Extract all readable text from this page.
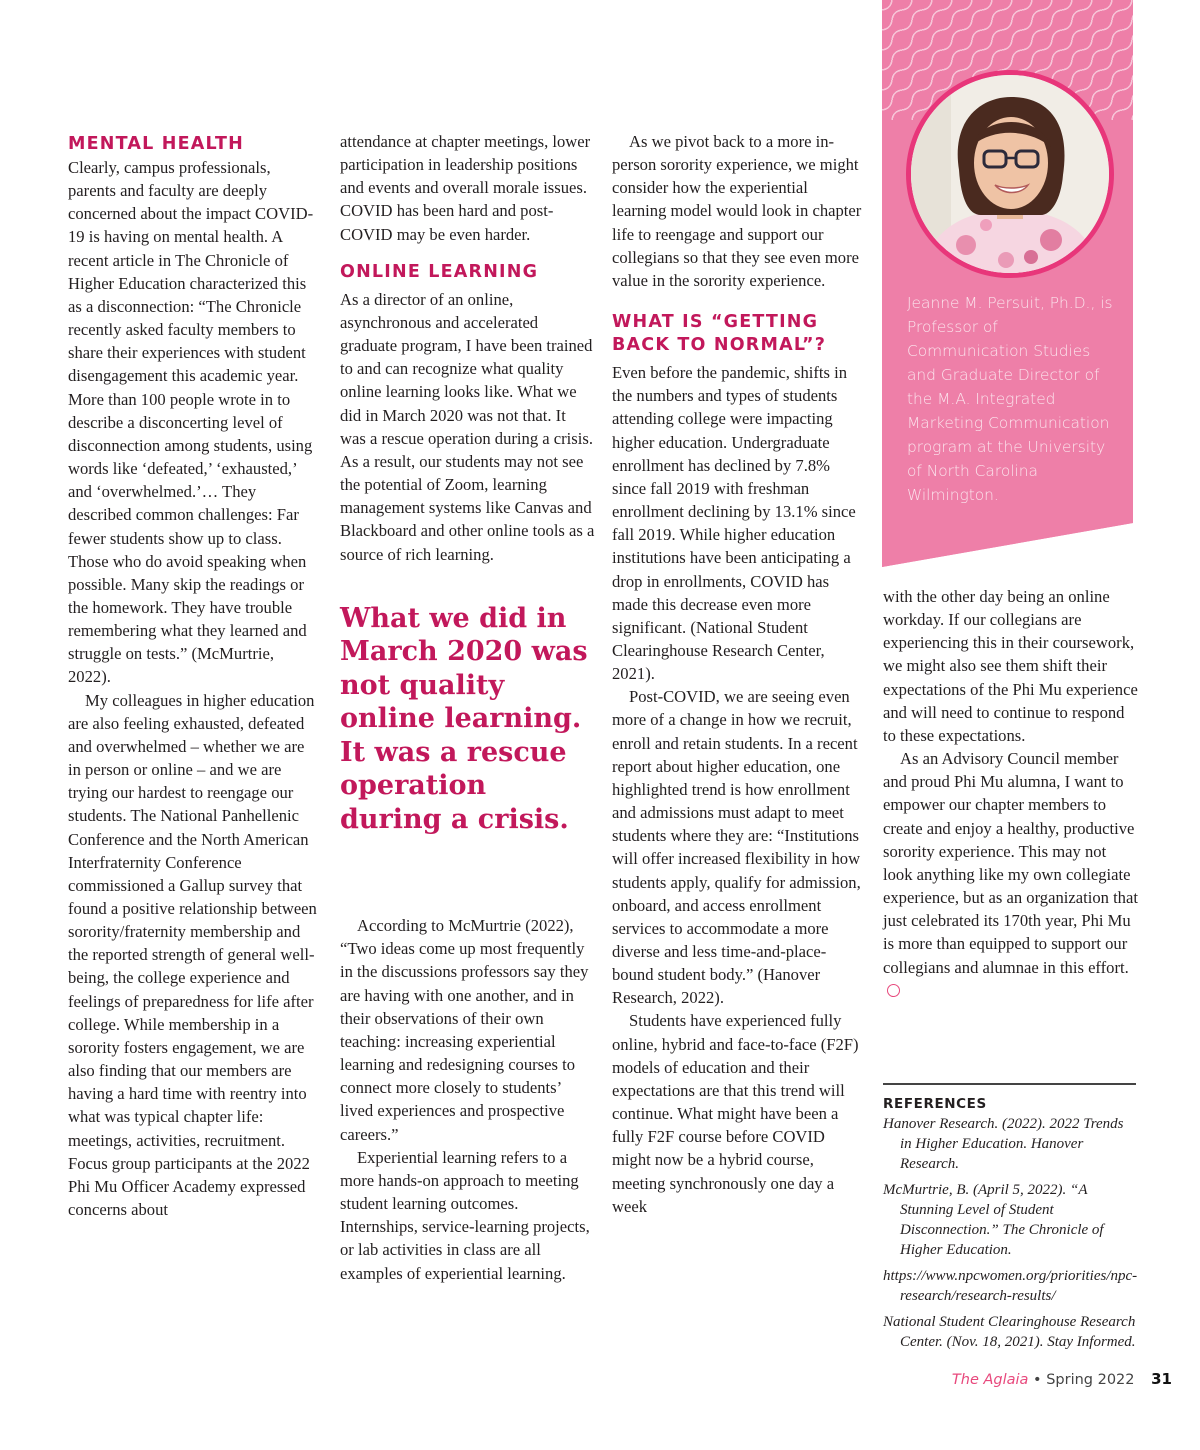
MENTAL HEALTH

Clearly, campus professionals, parents and faculty are deeply concerned about the impact COVID-19 is having on mental health. A recent article in The Chronicle of Higher Education characterized this as a disconnection: “The Chronicle recently asked faculty members to share their experiences with student disengagement this academic year. More than 100 people wrote in to describe a disconcerting level of disconnection among students, using words like ‘defeated,’ ‘exhausted,’ and ‘overwhelmed.’… They described common challenges: Far fewer students show up to class. Those who do avoid speaking when possible. Many skip the readings or the homework. They have trouble remembering what they learned and struggle on tests.” (McMurtrie, 2022).

My colleagues in higher education are also feeling exhausted, defeated and overwhelmed – whether we are in person or online – and we are trying our hardest to reengage our students. The National Panhellenic Conference and the North American Interfraternity Conference commissioned a Gallup survey that found a positive relationship between sorority/fraternity membership and the reported strength of general well-being, the college experience and feelings of preparedness for life after college. While membership in a sorority fosters engagement, we are also finding that our members are having a hard time with reentry into what was typical chapter life: meetings, activities, recruitment. Focus group participants at the 2022 Phi Mu Officer Academy expressed concerns about

attendance at chapter meetings, lower participation in leadership positions and events and overall morale issues. COVID has been hard and post-COVID may be even harder.

ONLINE LEARNING

As a director of an online, asynchronous and accelerated graduate program, I have been trained to and can recognize what quality online learning looks like. What we did in March 2020 was not that. It was a rescue operation during a crisis. As a result, our students may not see the potential of Zoom, learning management systems like Canvas and Blackboard and other online tools as a source of rich learning.

What we did in March 2020 was not quality online learning. It was a rescue operation during a crisis.

According to McMurtrie (2022), “Two ideas come up most frequently in the discussions professors say they are having with one another, and in their observations of their own teaching: increasing experiential learning and redesigning courses to connect more closely to students’ lived experiences and prospective careers.”

Experiential learning refers to a more hands-on approach to meeting student learning outcomes. Internships, service-learning projects, or lab activities in class are all examples of experiential learning.

As we pivot back to a more in-person sorority experience, we might consider how the experiential learning model would look in chapter life to reengage and support our collegians so that they see even more value in the sorority experience.

WHAT IS “GETTING BACK TO NORMAL”?

Even before the pandemic, shifts in the numbers and types of students attending college were impacting higher education. Undergraduate enrollment has declined by 7.8% since fall 2019 with freshman enrollment declining by 13.1% since fall 2019. While higher education institutions have been anticipating a drop in enrollments, COVID has made this decrease even more significant. (National Student Clearinghouse Research Center, 2021).

Post-COVID, we are seeing even more of a change in how we recruit, enroll and retain students. In a recent report about higher education, one highlighted trend is how enrollment and admissions must adapt to meet students where they are: “Institutions will offer increased flexibility in how students apply, qualify for admission, onboard, and access enrollment services to accommodate a more diverse and less time-and-place-bound student body.” (Hanover Research, 2022).

Students have experienced fully online, hybrid and face-to-face (F2F) models of education and their expectations are that this trend will continue. What might have been a fully F2F course before COVID might now be a hybrid course, meeting synchronously one day a week

Jeanne M. Persuit, Ph.D., is Professor of Communication Studies and Graduate Director of the M.A. Integrated Marketing Communication program at the University of North Carolina Wilmington.

with the other day being an online workday. If our collegians are experiencing this in their coursework, we might also see them shift their expectations of the Phi Mu experience and will need to continue to respond to these expectations.

As an Advisory Council member and proud Phi Mu alumna, I want to empower our chapter members to create and enjoy a healthy, productive sorority experience. This may not look anything like my own collegiate experience, but as an organization that just celebrated its 170th year, Phi Mu is more than equipped to support our collegians and alumnae in this effort.

REFERENCES

Hanover Research. (2022). 2022 Trends in Higher Education. Hanover Research.

McMurtrie, B. (April 5, 2022). “A Stunning Level of Student Disconnection.” The Chronicle of Higher Education.

https://www.npcwomen.org/priorities/npc-research/research-results/

National Student Clearinghouse Research Center. (Nov. 18, 2021). Stay Informed.

The Aglaia • Spring 2022 31
